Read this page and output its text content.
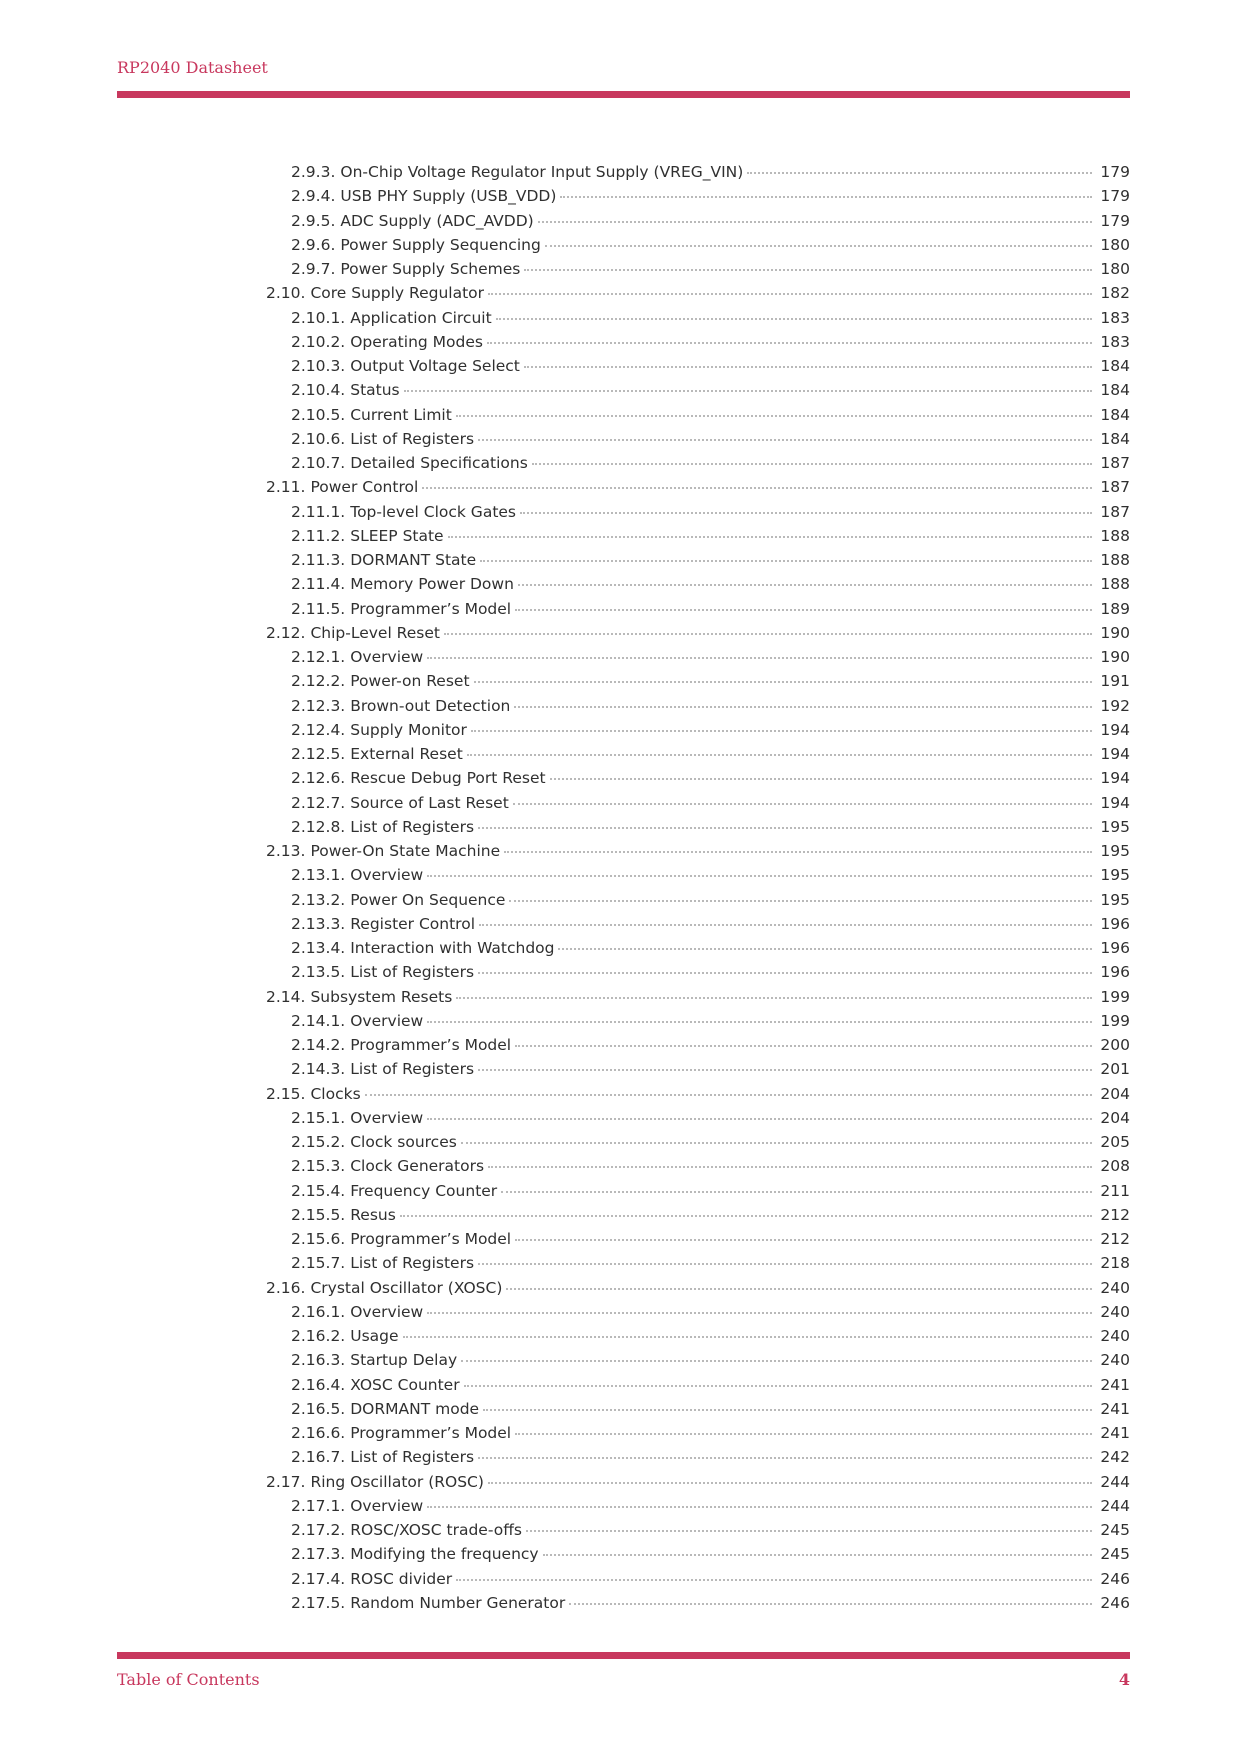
RP2040 Datasheet
2.9.3. On-Chip Voltage Regulator Input Supply (VREG_VIN)	179
2.9.4. USB PHY Supply (USB_VDD)	179
2.9.5. ADC Supply (ADC_AVDD)	179
2.9.6. Power Supply Sequencing	180
2.9.7. Power Supply Schemes	180
2.10. Core Supply Regulator	182
2.10.1. Application Circuit	183
2.10.2. Operating Modes	183
2.10.3. Output Voltage Select	184
2.10.4. Status	184
2.10.5. Current Limit	184
2.10.6. List of Registers	184
2.10.7. Detailed Specifications	187
2.11. Power Control	187
2.11.1. Top-level Clock Gates	187
2.11.2. SLEEP State	188
2.11.3. DORMANT State	188
2.11.4. Memory Power Down	188
2.11.5. Programmer’s Model	189
2.12. Chip-Level Reset	190
2.12.1. Overview	190
2.12.2. Power-on Reset	191
2.12.3. Brown-out Detection	192
2.12.4. Supply Monitor	194
2.12.5. External Reset	194
2.12.6. Rescue Debug Port Reset	194
2.12.7. Source of Last Reset	194
2.12.8. List of Registers	195
2.13. Power-On State Machine	195
2.13.1. Overview	195
2.13.2. Power On Sequence	195
2.13.3. Register Control	196
2.13.4. Interaction with Watchdog	196
2.13.5. List of Registers	196
2.14. Subsystem Resets	199
2.14.1. Overview	199
2.14.2. Programmer’s Model	200
2.14.3. List of Registers	201
2.15. Clocks	204
2.15.1. Overview	204
2.15.2. Clock sources	205
2.15.3. Clock Generators	208
2.15.4. Frequency Counter	211
2.15.5. Resus	212
2.15.6. Programmer’s Model	212
2.15.7. List of Registers	218
2.16. Crystal Oscillator (XOSC)	240
2.16.1. Overview	240
2.16.2. Usage	240
2.16.3. Startup Delay	240
2.16.4. XOSC Counter	241
2.16.5. DORMANT mode	241
2.16.6. Programmer’s Model	241
2.16.7. List of Registers	242
2.17. Ring Oscillator (ROSC)	244
2.17.1. Overview	244
2.17.2. ROSC/XOSC trade-offs	245
2.17.3. Modifying the frequency	245
2.17.4. ROSC divider	246
2.17.5. Random Number Generator	246
Table of Contents	4
